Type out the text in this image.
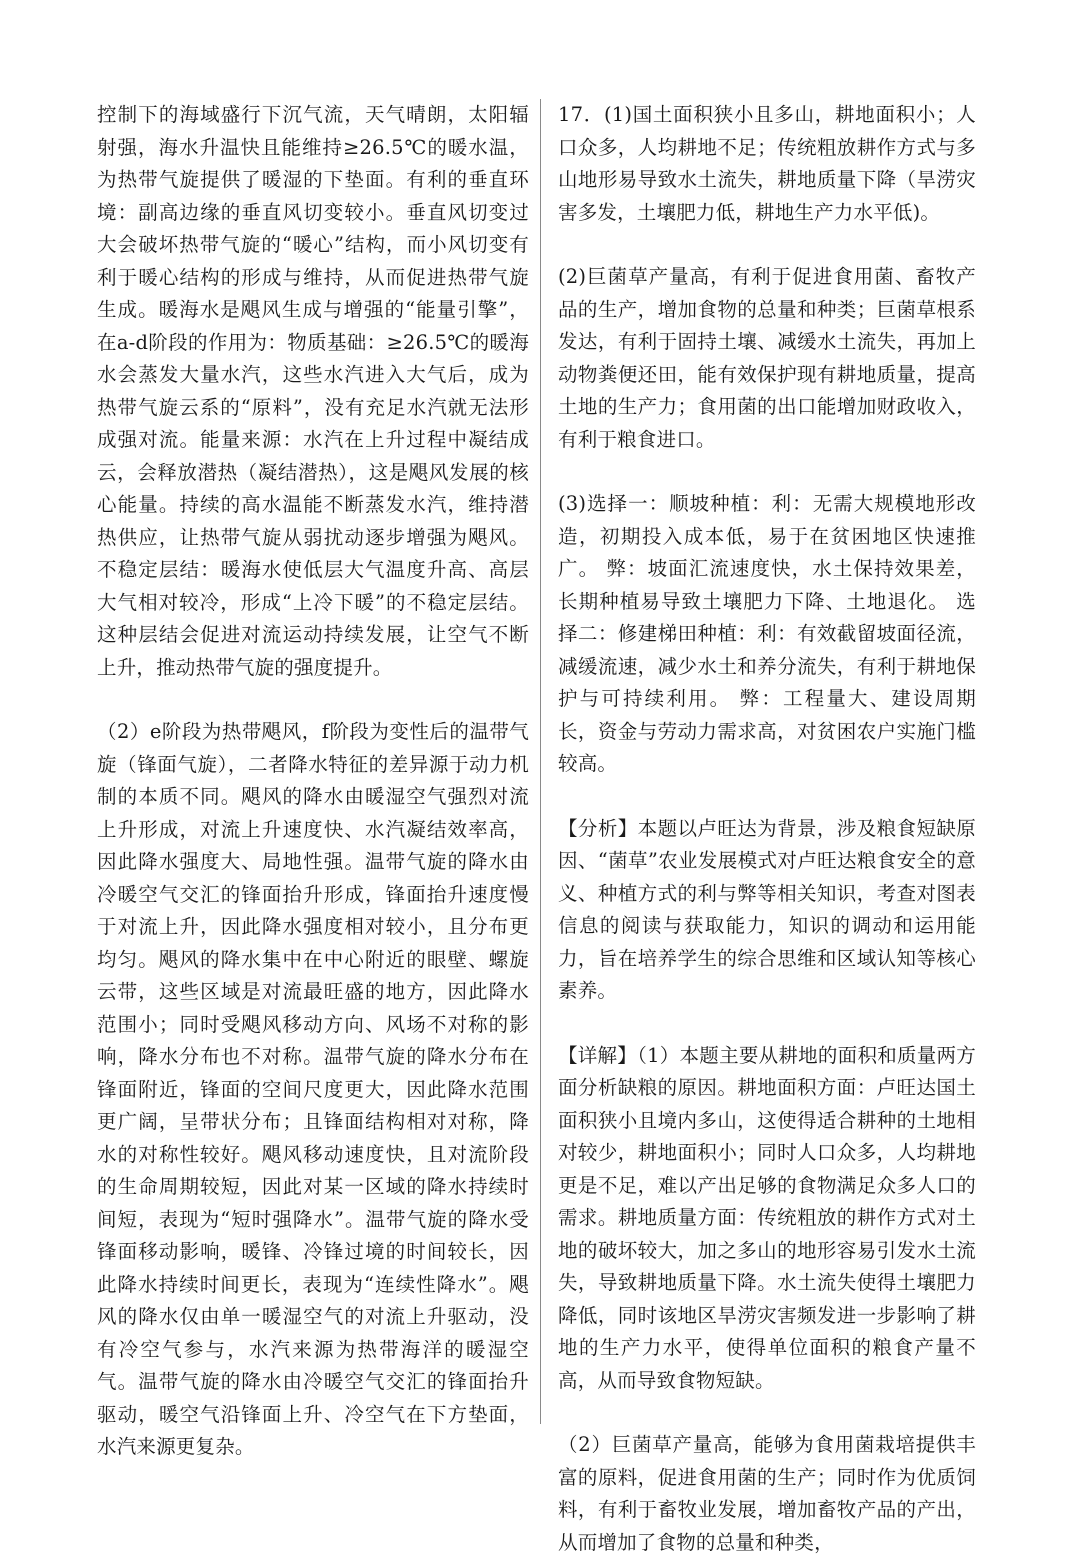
控制下的海域盛行下沉气流，天气晴朗，太阳辐射强，海水升温快且能维持≥26.5℃的暖水温，为热带气旋提供了暖湿的下垫面。有利的垂直环境：副高边缘的垂直风切变较小。垂直风切变过大会破坏热带气旋的“暖心”结构，而小风切变有利于暖心结构的形成与维持，从而促进热带气旋生成。暖海水是飓风生成与增强的“能量引擎”，在a-d阶段的作用为：物质基础：≥26.5℃的暖海水会蒸发大量水汽，这些水汽进入大气后，成为热带气旋云系的“原料”，没有充足水汽就无法形成强对流。能量来源：水汽在上升过程中凝结成云，会释放潜热（凝结潜热），这是飓风发展的核心能量。持续的高水温能不断蒸发水汽，维持潜热供应，让热带气旋从弱扰动逐步增强为飓风。不稳定层结：暖海水使低层大气温度升高、高层大气相对较冷，形成“上冷下暖”的不稳定层结。这种层结会促进对流运动持续发展，让空气不断上升，推动热带气旋的强度提升。

（2）e阶段为热带飓风，f阶段为变性后的温带气旋（锋面气旋），二者降水特征的差异源于动力机制的本质不同。飓风的降水由暖湿空气强烈对流上升形成，对流上升速度快、水汽凝结效率高，因此降水强度大、局地性强。温带气旋的降水由冷暖空气交汇的锋面抬升形成，锋面抬升速度慢于对流上升，因此降水强度相对较小，且分布更均匀。飓风的降水集中在中心附近的眼壁、螺旋云带，这些区域是对流最旺盛的地方，因此降水范围小；同时受飓风移动方向、风场不对称的影响，降水分布也不对称。温带气旋的降水分布在锋面附近，锋面的空间尺度更大，因此降水范围更广阔，呈带状分布；且锋面结构相对对称，降水的对称性较好。飓风移动速度快，且对流阶段的生命周期较短，因此对某一区域的降水持续时间短，表现为“短时强降水”。温带气旋的降水受锋面移动影响，暖锋、冷锋过境的时间较长，因此降水持续时间更长，表现为“连续性降水”。飓风的降水仅由单一暖湿空气的对流上升驱动，没有冷空气参与，水汽来源为热带海洋的暖湿空气。温带气旋的降水由冷暖空气交汇的锋面抬升驱动，暖空气沿锋面上升、冷空气在下方垫面，水汽来源更复杂。

17．(1)国土面积狭小且多山，耕地面积小；人口众多，人均耕地不足；传统粗放耕作方式与多山地形易导致水土流失，耕地质量下降（旱涝灾害多发，土壤肥力低，耕地生产力水平低)。

(2)巨菌草产量高，有利于促进食用菌、畜牧产品的生产，增加食物的总量和种类；巨菌草根系发达，有利于固持土壤、减缓水土流失，再加上动物粪便还田，能有效保护现有耕地质量，提高土地的生产力；食用菌的出口能增加财政收入，有利于粮食进口。

(3)选择一：顺坡种植：利：无需大规模地形改造，初期投入成本低，易于在贫困地区快速推广。 弊：坡面汇流速度快，水土保持效果差，长期种植易导致土壤肥力下降、土地退化。 选择二：修建梯田种植：利：有效截留坡面径流，减缓流速，减少水土和养分流失，有利于耕地保护与可持续利用。 弊：工程量大、建设周期长，资金与劳动力需求高，对贫困农户实施门槛较高。

【分析】本题以卢旺达为背景，涉及粮食短缺原因、“菌草”农业发展模式对卢旺达粮食安全的意义、种植方式的利与弊等相关知识，考查对图表信息的阅读与获取能力，知识的调动和运用能力，旨在培养学生的综合思维和区域认知等核心素养。

【详解】（1）本题主要从耕地的面积和质量两方面分析缺粮的原因。耕地面积方面：卢旺达国土面积狭小且境内多山，这使得适合耕种的土地相对较少，耕地面积小；同时人口众多，人均耕地更是不足，难以产出足够的食物满足众多人口的需求。耕地质量方面：传统粗放的耕作方式对土地的破坏较大，加之多山的地形容易引发水土流失，导致耕地质量下降。水土流失使得土壤肥力降低，同时该地区旱涝灾害频发进一步影响了耕地的生产力水平，使得单位面积的粮食产量不高，从而导致食物短缺。

（2）巨菌草产量高，能够为食用菌栽培提供丰富的原料，促进食用菌的生产；同时作为优质饲料，有利于畜牧业发展，增加畜牧产品的产出，从而增加了食物的总量和种类，
